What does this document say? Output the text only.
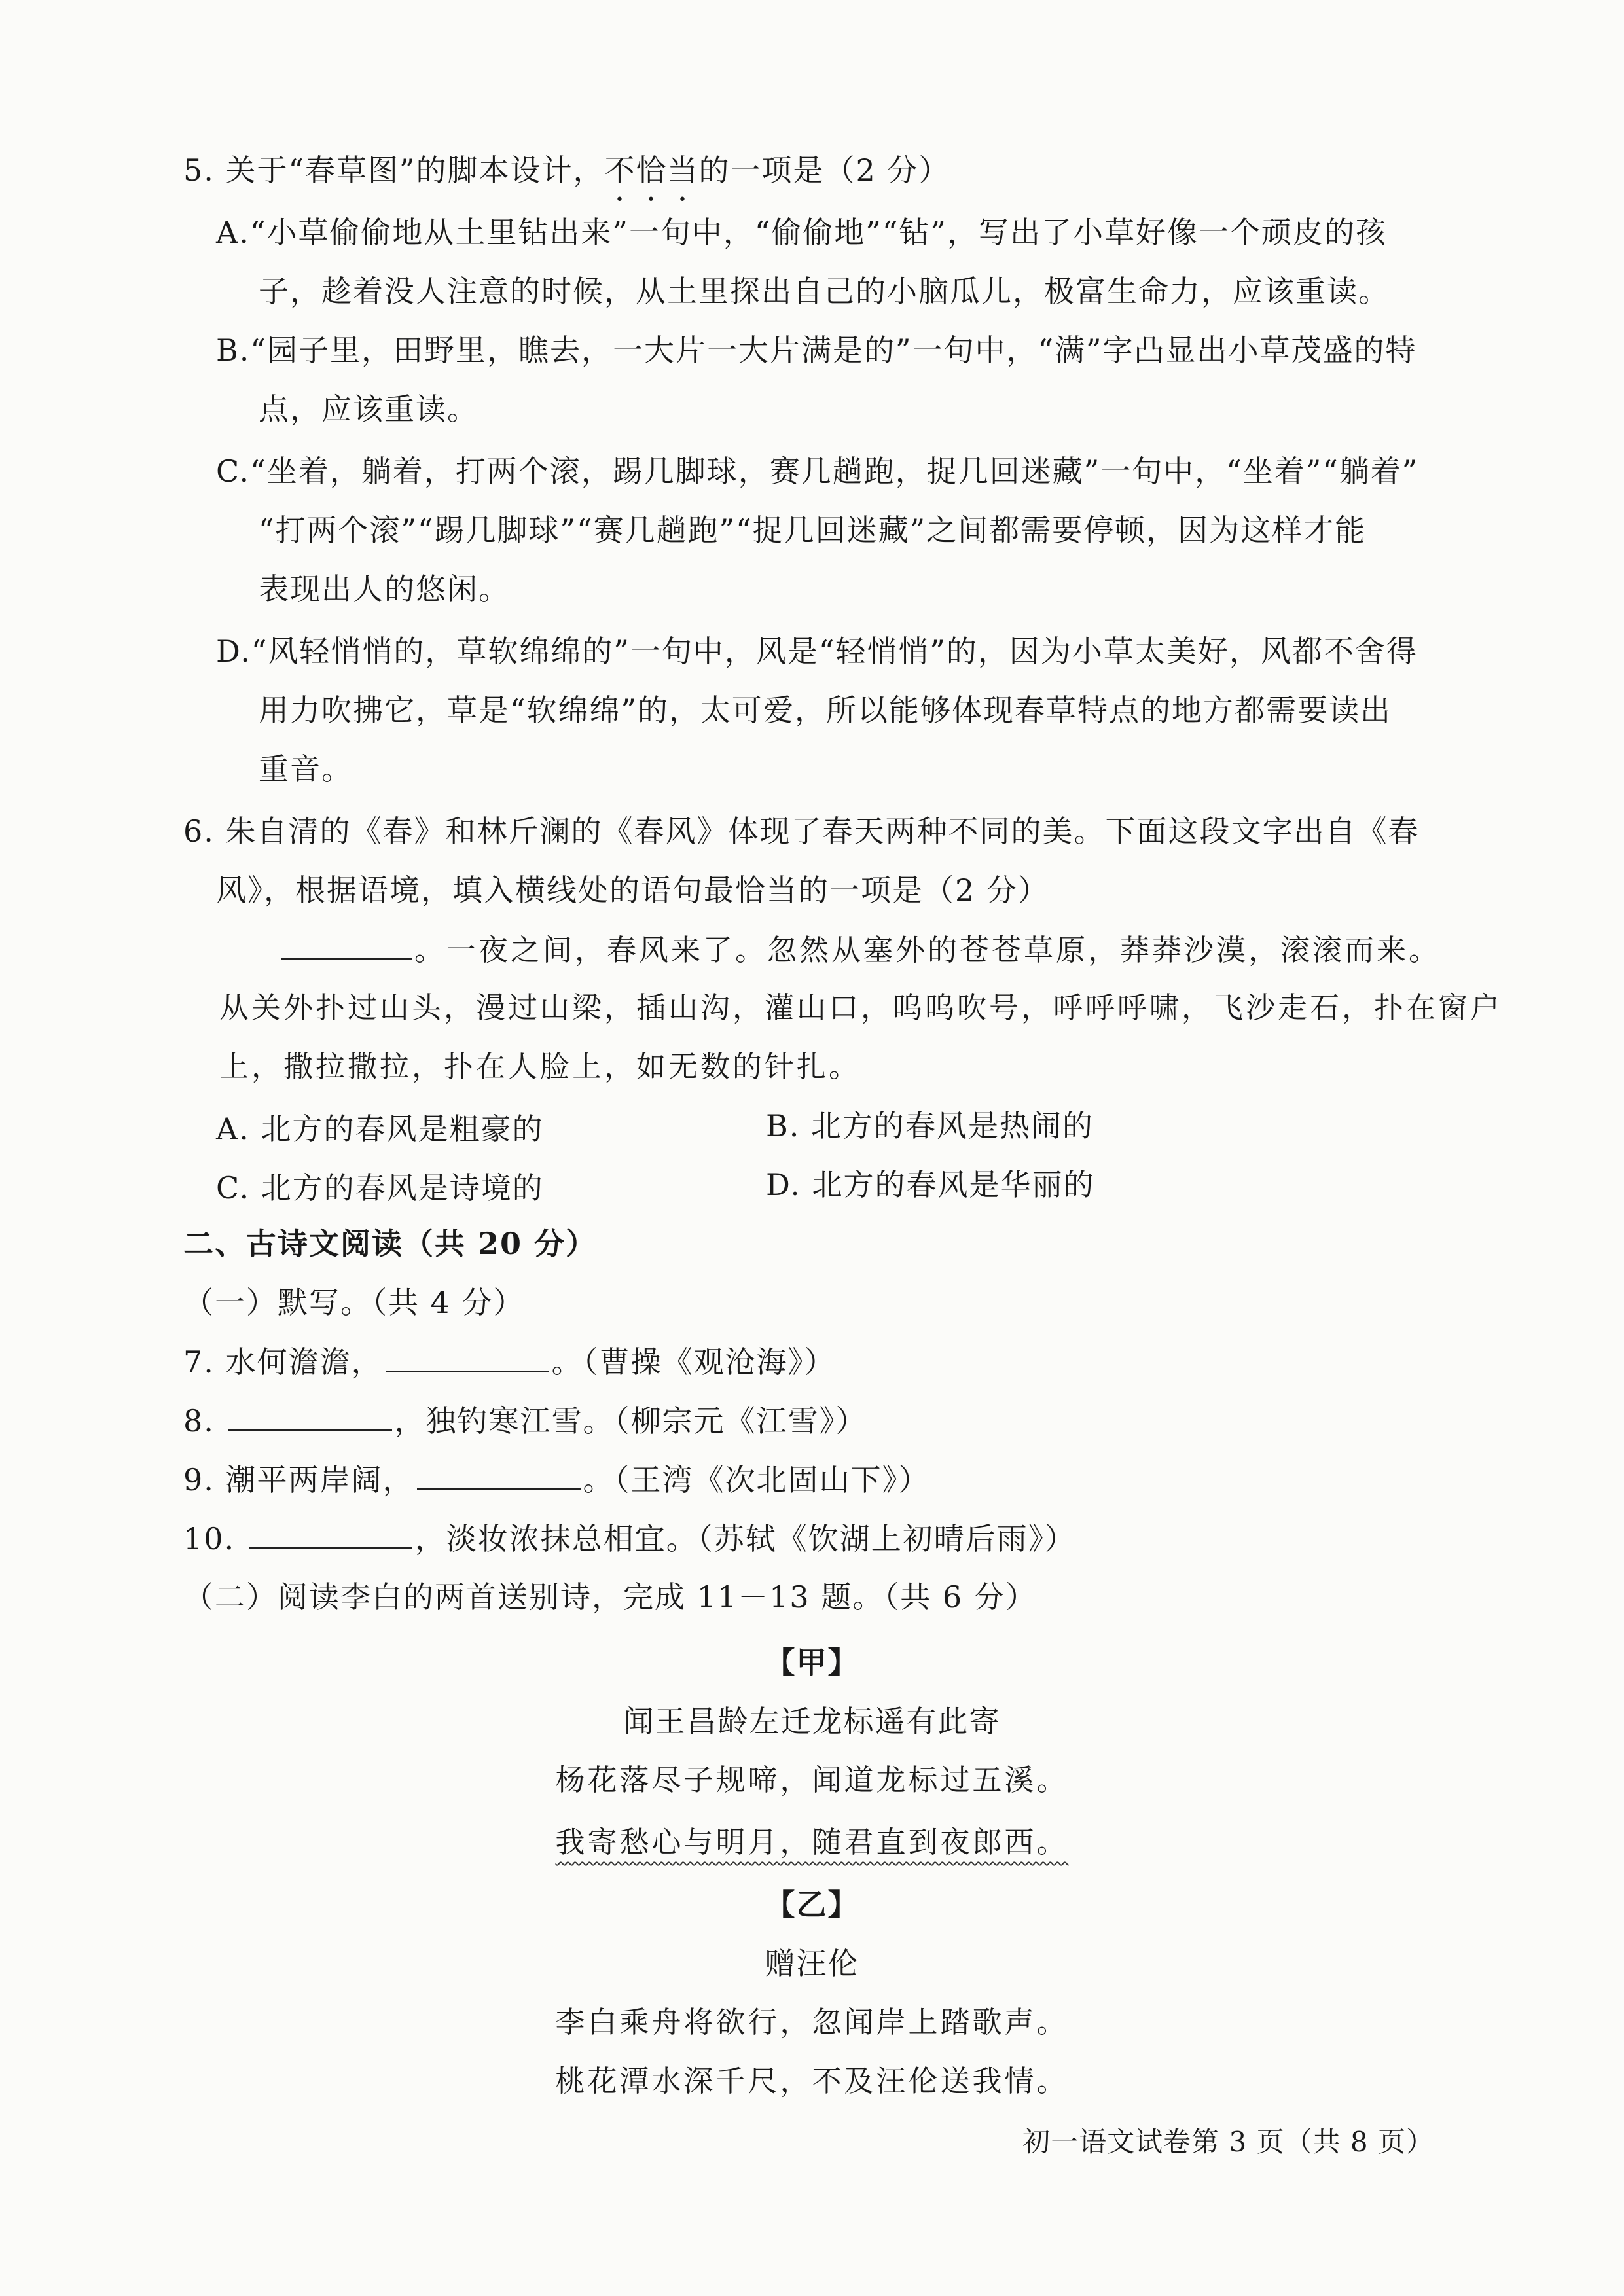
5. 关于“春草图”的脚本设计，不恰当的一项是（2 分）
A.“小草偷偷地从土里钻出来”一句中，“偷偷地”“钻”，写出了小草好像一个顽皮的孩
子，趁着没人注意的时候，从土里探出自己的小脑瓜儿，极富生命力，应该重读。
B.“园子里，田野里，瞧去，一大片一大片满是的”一句中，“满”字凸显出小草茂盛的特
点，应该重读。
C.“坐着，躺着，打两个滚，踢几脚球，赛几趟跑，捉几回迷藏”一句中，“坐着”“躺着”
“打两个滚”“踢几脚球”“赛几趟跑”“捉几回迷藏”之间都需要停顿，因为这样才能
表现出人的悠闲。
D.“风轻悄悄的，草软绵绵的”一句中，风是“轻悄悄”的，因为小草太美好，风都不舍得
用力吹拂它，草是“软绵绵”的，太可爱，所以能够体现春草特点的地方都需要读出
重音。
6. 朱自清的《春》和林斤澜的《春风》体现了春天两种不同的美。下面这段文字出自《春
风》，根据语境，填入横线处的语句最恰当的一项是（2 分）
。一夜之间，春风来了。忽然从塞外的苍苍草原，莽莽沙漠，滚滚而来。
从关外扑过山头，漫过山梁，插山沟，灌山口，呜呜吹号，呼呼呼啸，飞沙走石，扑在窗户
上，撒拉撒拉，扑在人脸上，如无数的针扎。
A. 北方的春风是粗豪的	B. 北方的春风是热闹的
C. 北方的春风是诗境的	D. 北方的春风是华丽的
二、古诗文阅读（共 20 分）
（一）默写。（共 4 分）
7. 水何澹澹，	。（曹操《观沧海》）
8.	，独钓寒江雪。（柳宗元《江雪》）
9. 潮平两岸阔，	。（王湾《次北固山下》）
10.	，淡妆浓抹总相宜。（苏轼《饮湖上初晴后雨》）
（二）阅读李白的两首送别诗，完成 11－13 题。（共 6 分）
【甲】
闻王昌龄左迁龙标遥有此寄
杨花落尽子规啼，闻道龙标过五溪。
我寄愁心与明月，随君直到夜郎西。
【乙】
赠汪伦
李白乘舟将欲行，忽闻岸上踏歌声。
桃花潭水深千尺，不及汪伦送我情。
初一语文试卷第 3 页（共 8 页）
